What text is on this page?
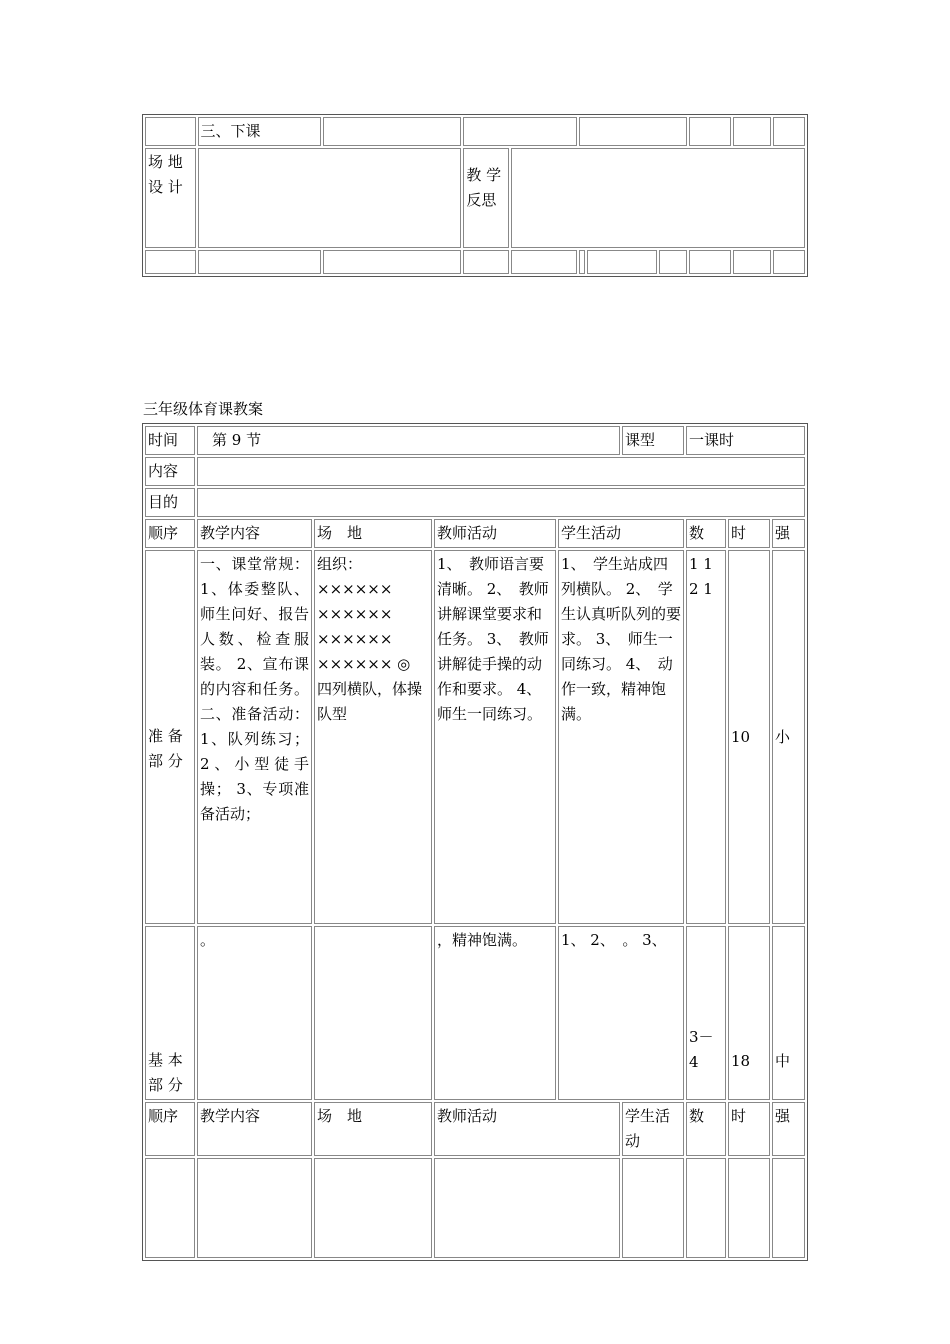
	三、下课									
场 地 设 计			教 学 反思							

三年级体育课教案
时间	第 9 节				课型	一课时		
内容								
目的								
顺序	教学内容	场　地	教师活动	学生活动		数	时	强
准 备 部 分	一、课堂常规： 1、体委整队、师生问好、报告人数、检查服装。 2、宣布课的内容和任务。 二、准备活动： 1、队列练习； 2、小型徒手操； 3、专项准备活动；	组织： ×××××× ×××××× ×××××× ×××××× ◎ 四列横队，体操队型	1、　教师语言要清晰。 2、　教师讲解课堂要求和任务。 3、　教师讲解徒手操的动作和要求。 4、　师生一同练习。	1、　学生站成四列横队。 2、　学生认真听队列的要求。 3、　师生一同练习。 4、　动作一致，精神饱满。		1 1 2 1	10	小
基 本 部 分	。		，精神饱满。	1、 2、　。 3、		3－4	18	中
顺序	教学内容	场　地	教师活动		学生活动	数	时	强
